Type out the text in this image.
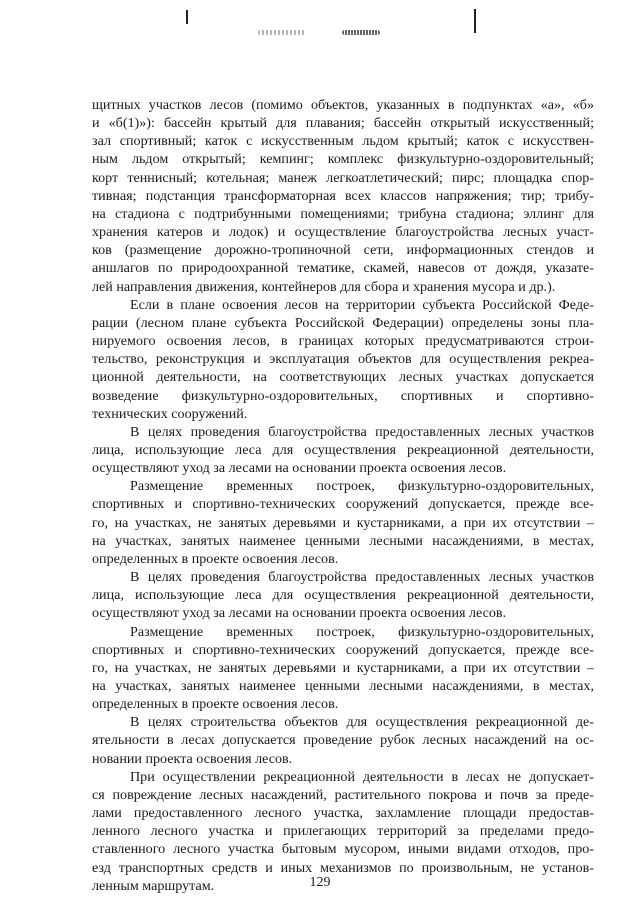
щитных участков лесов (помимо объектов, указанных в подпунктах «а», «б»
и «б(1)»): бассейн крытый для плавания; бассейн открытый искусственный;
зал спортивный; каток с искусственным льдом крытый; каток с искусствен-
ным льдом открытый; кемпинг; комплекс физкультурно-оздоровительный;
корт теннисный; котельная; манеж легкоатлетический; пирс; площадка спор-
тивная; подстанция трансформаторная всех классов напряжения; тир; трибу-
на стадиона с подтрибунными помещениями; трибуна стадиона; эллинг для
хранения катеров и лодок) и осуществление благоустройства лесных участ-
ков (размещение дорожно-тропиночной сети, информационных стендов и
аншлагов по природоохранной тематике, скамей, навесов от дождя, указате-
лей направления движения, контейнеров для сбора и хранения мусора и др.).
Если в плане освоения лесов на территории субъекта Российской Феде-
рации (лесном плане субъекта Российской Федерации) определены зоны пла-
нируемого освоения лесов, в границах которых предусматриваются строи-
тельство, реконструкция и эксплуатация объектов для осуществления рекреа-
ционной деятельности, на соответствующих лесных участках допускается
возведение физкультурно-оздоровительных, спортивных и спортивно-
технических сооружений.
В целях проведения благоустройства предоставленных лесных участков
лица, использующие леса для осуществления рекреационной деятельности,
осуществляют уход за лесами на основании проекта освоения лесов.
Размещение временных построек, физкультурно-оздоровительных,
спортивных и спортивно-технических сооружений допускается, прежде все-
го, на участках, не занятых деревьями и кустарниками, а при их отсутствии –
на участках, занятых наименее ценными лесными насаждениями, в местах,
определенных в проекте освоения лесов.
В целях проведения благоустройства предоставленных лесных участков
лица, использующие леса для осуществления рекреационной деятельности,
осуществляют уход за лесами на основании проекта освоения лесов.
Размещение временных построек, физкультурно-оздоровительных,
спортивных и спортивно-технических сооружений допускается, прежде все-
го, на участках, не занятых деревьями и кустарниками, а при их отсутствии –
на участках, занятых наименее ценными лесными насаждениями, в местах,
определенных в проекте освоения лесов.
В целях строительства объектов для осуществления рекреационной де-
ятельности в лесах допускается проведение рубок лесных насаждений на ос-
новании проекта освоения лесов.
При осуществлении рекреационной деятельности в лесах не допускает-
ся повреждение лесных насаждений, растительного покрова и почв за преде-
лами предоставленного лесного участка, захламление площади предостав-
ленного лесного участка и прилегающих территорий за пределами предо-
ставленного лесного участка бытовым мусором, иными видами отходов, про-
езд транспортных средств и иных механизмов по произвольным, не установ-
ленным маршрутам.	129
